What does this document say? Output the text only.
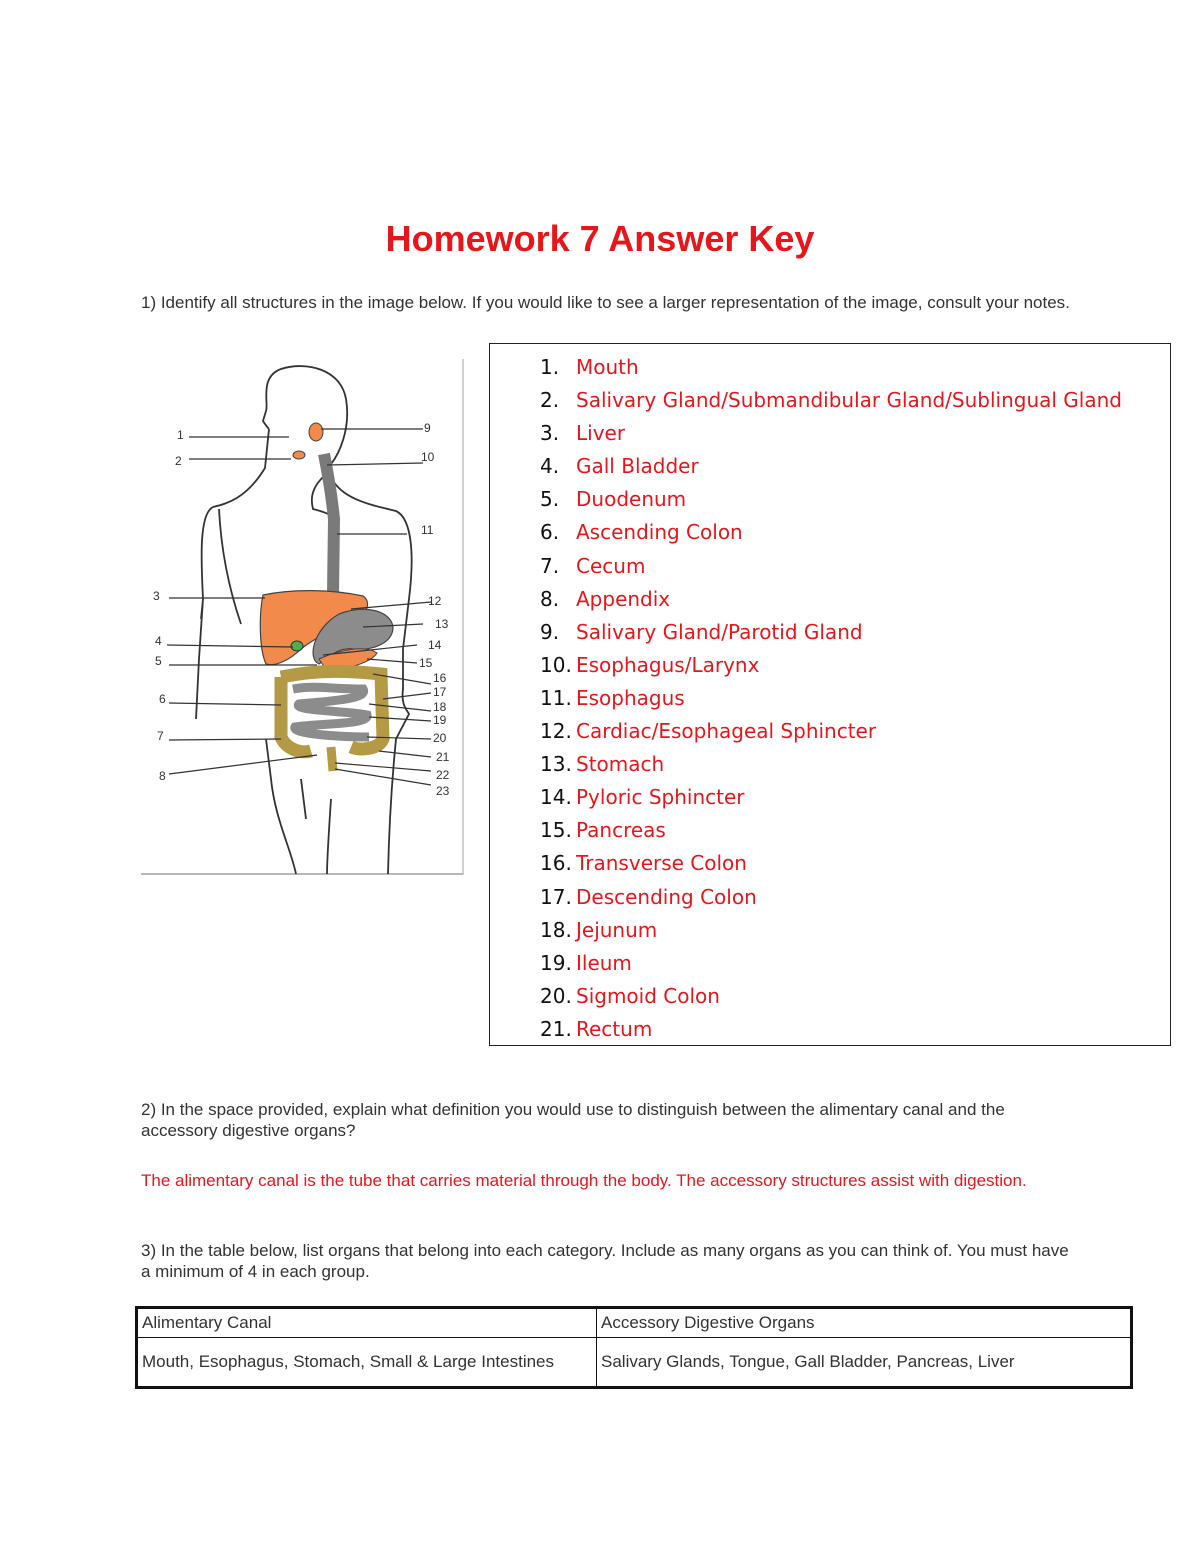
Homework 7 Answer Key
1) Identify all structures in the image below. If you would like to see a larger representation of the image, consult your notes.
1
2
3
4
5
6
7
8
9
10
11
12
13
14
15
16
17
18
19
20
21
22
23
1. Mouth
2. Salivary Gland/Submandibular Gland/Sublingual Gland
3. Liver
4. Gall Bladder
5. Duodenum
6. Ascending Colon
7. Cecum
8. Appendix
9. Salivary Gland/Parotid Gland
10. Esophagus/Larynx
11. Esophagus
12. Cardiac/Esophageal Sphincter
13. Stomach
14. Pyloric Sphincter
15. Pancreas
16. Transverse Colon
17. Descending Colon
18. Jejunum
19. Ileum
20. Sigmoid Colon
21. Rectum
2) In the space provided, explain what definition you would use to distinguish between the alimentary canal and the accessory digestive organs?
The alimentary canal is the tube that carries material through the body. The accessory structures assist with digestion.
3) In the table below, list organs that belong into each category. Include as many organs as you can think of. You must have a minimum of 4 in each group.
Alimentary Canal	Accessory Digestive Organs
Mouth, Esophagus, Stomach, Small & Large Intestines	Salivary Glands, Tongue, Gall Bladder, Pancreas, Liver
